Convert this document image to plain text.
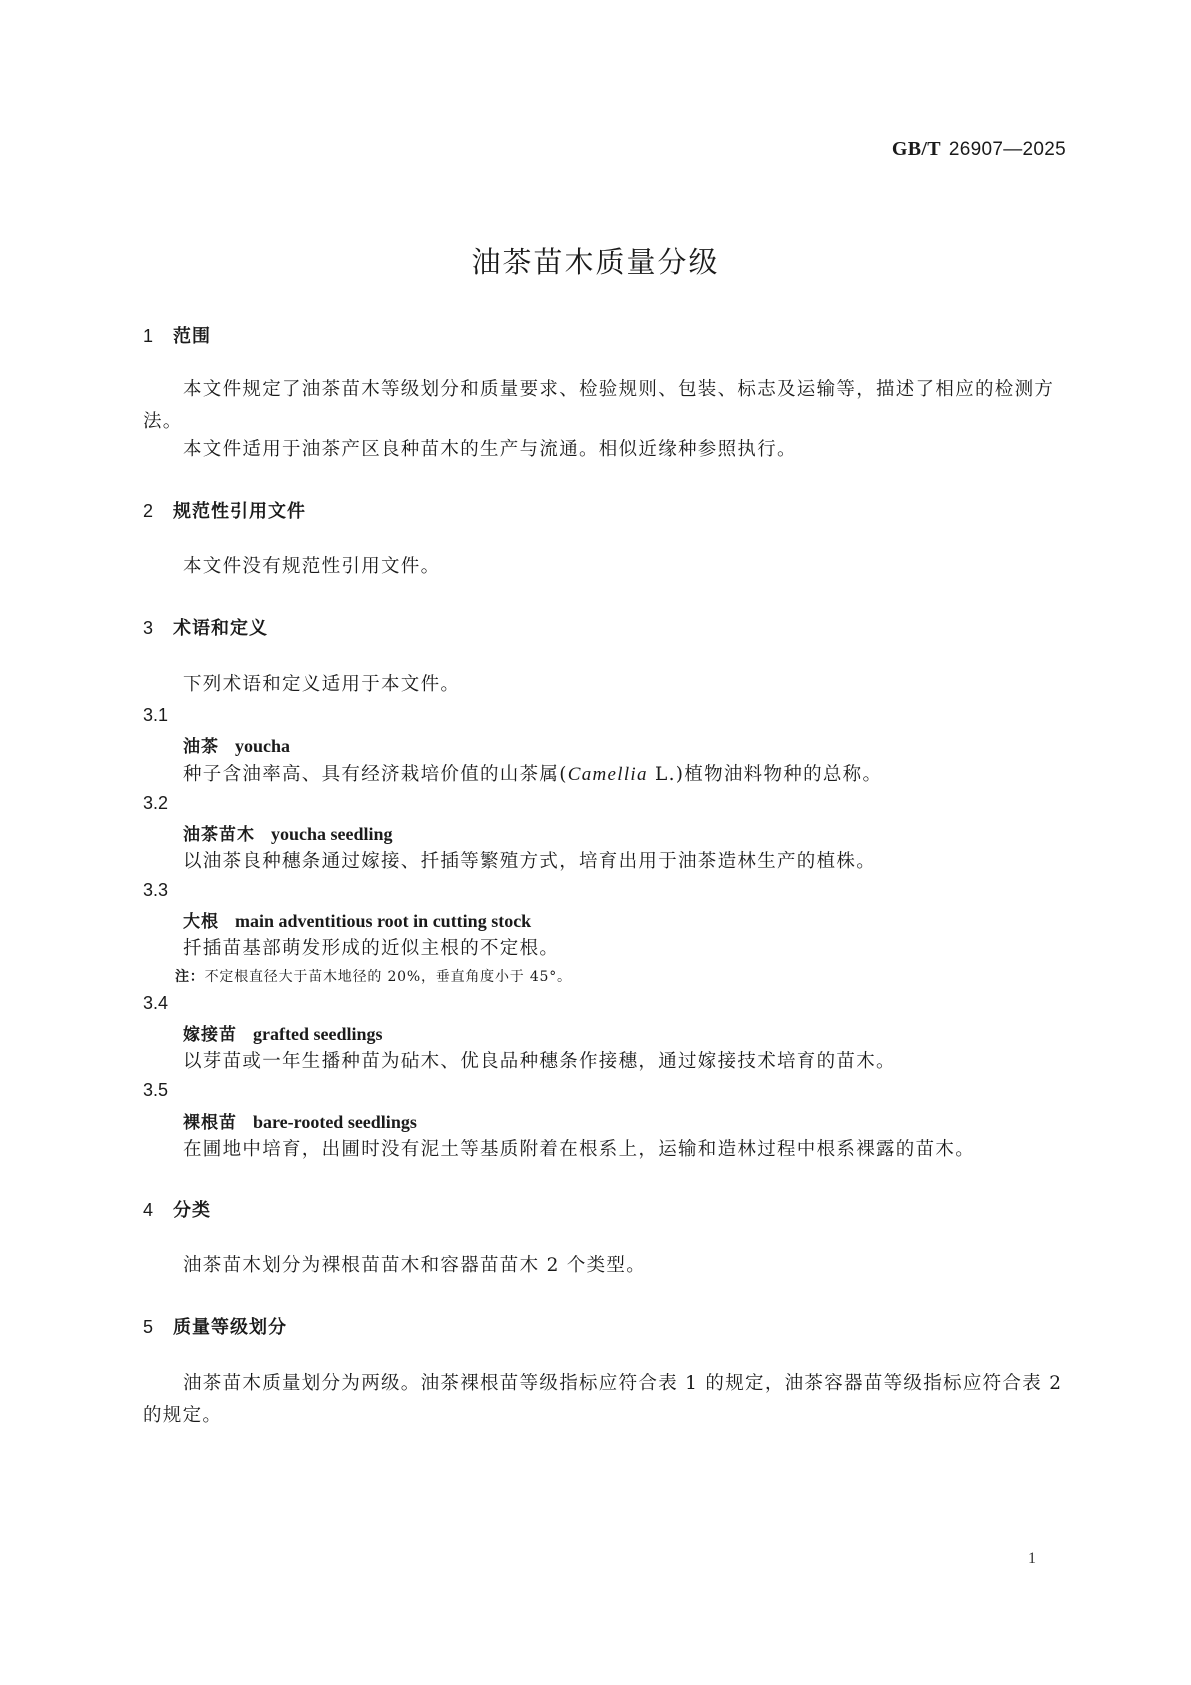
GB/T 26907—2025
油茶苗木质量分级
1 范围
本文件规定了油茶苗木等级划分和质量要求、检验规则、包装、标志及运输等，描述了相应的检测方法。
本文件适用于油茶产区良种苗木的生产与流通。相似近缘种参照执行。
2 规范性引用文件
本文件没有规范性引用文件。
3 术语和定义
下列术语和定义适用于本文件。
3.1
油茶 youcha
种子含油率高、具有经济栽培价值的山茶属(Camellia L.)植物油料物种的总称。
3.2
油茶苗木 youcha seedling
以油茶良种穗条通过嫁接、扦插等繁殖方式，培育出用于油茶造林生产的植株。
3.3
大根 main adventitious root in cutting stock
扦插苗基部萌发形成的近似主根的不定根。
注：不定根直径大于苗木地径的 20%，垂直角度小于 45°。
3.4
嫁接苗 grafted seedlings
以芽苗或一年生播种苗为砧木、优良品种穗条作接穗，通过嫁接技术培育的苗木。
3.5
裸根苗 bare-rooted seedlings
在圃地中培育，出圃时没有泥土等基质附着在根系上，运输和造林过程中根系裸露的苗木。
4 分类
油茶苗木划分为裸根苗苗木和容器苗苗木 2 个类型。
5 质量等级划分
油茶苗木质量划分为两级。油茶裸根苗等级指标应符合表 1 的规定，油茶容器苗等级指标应符合表 2 的规定。
1
